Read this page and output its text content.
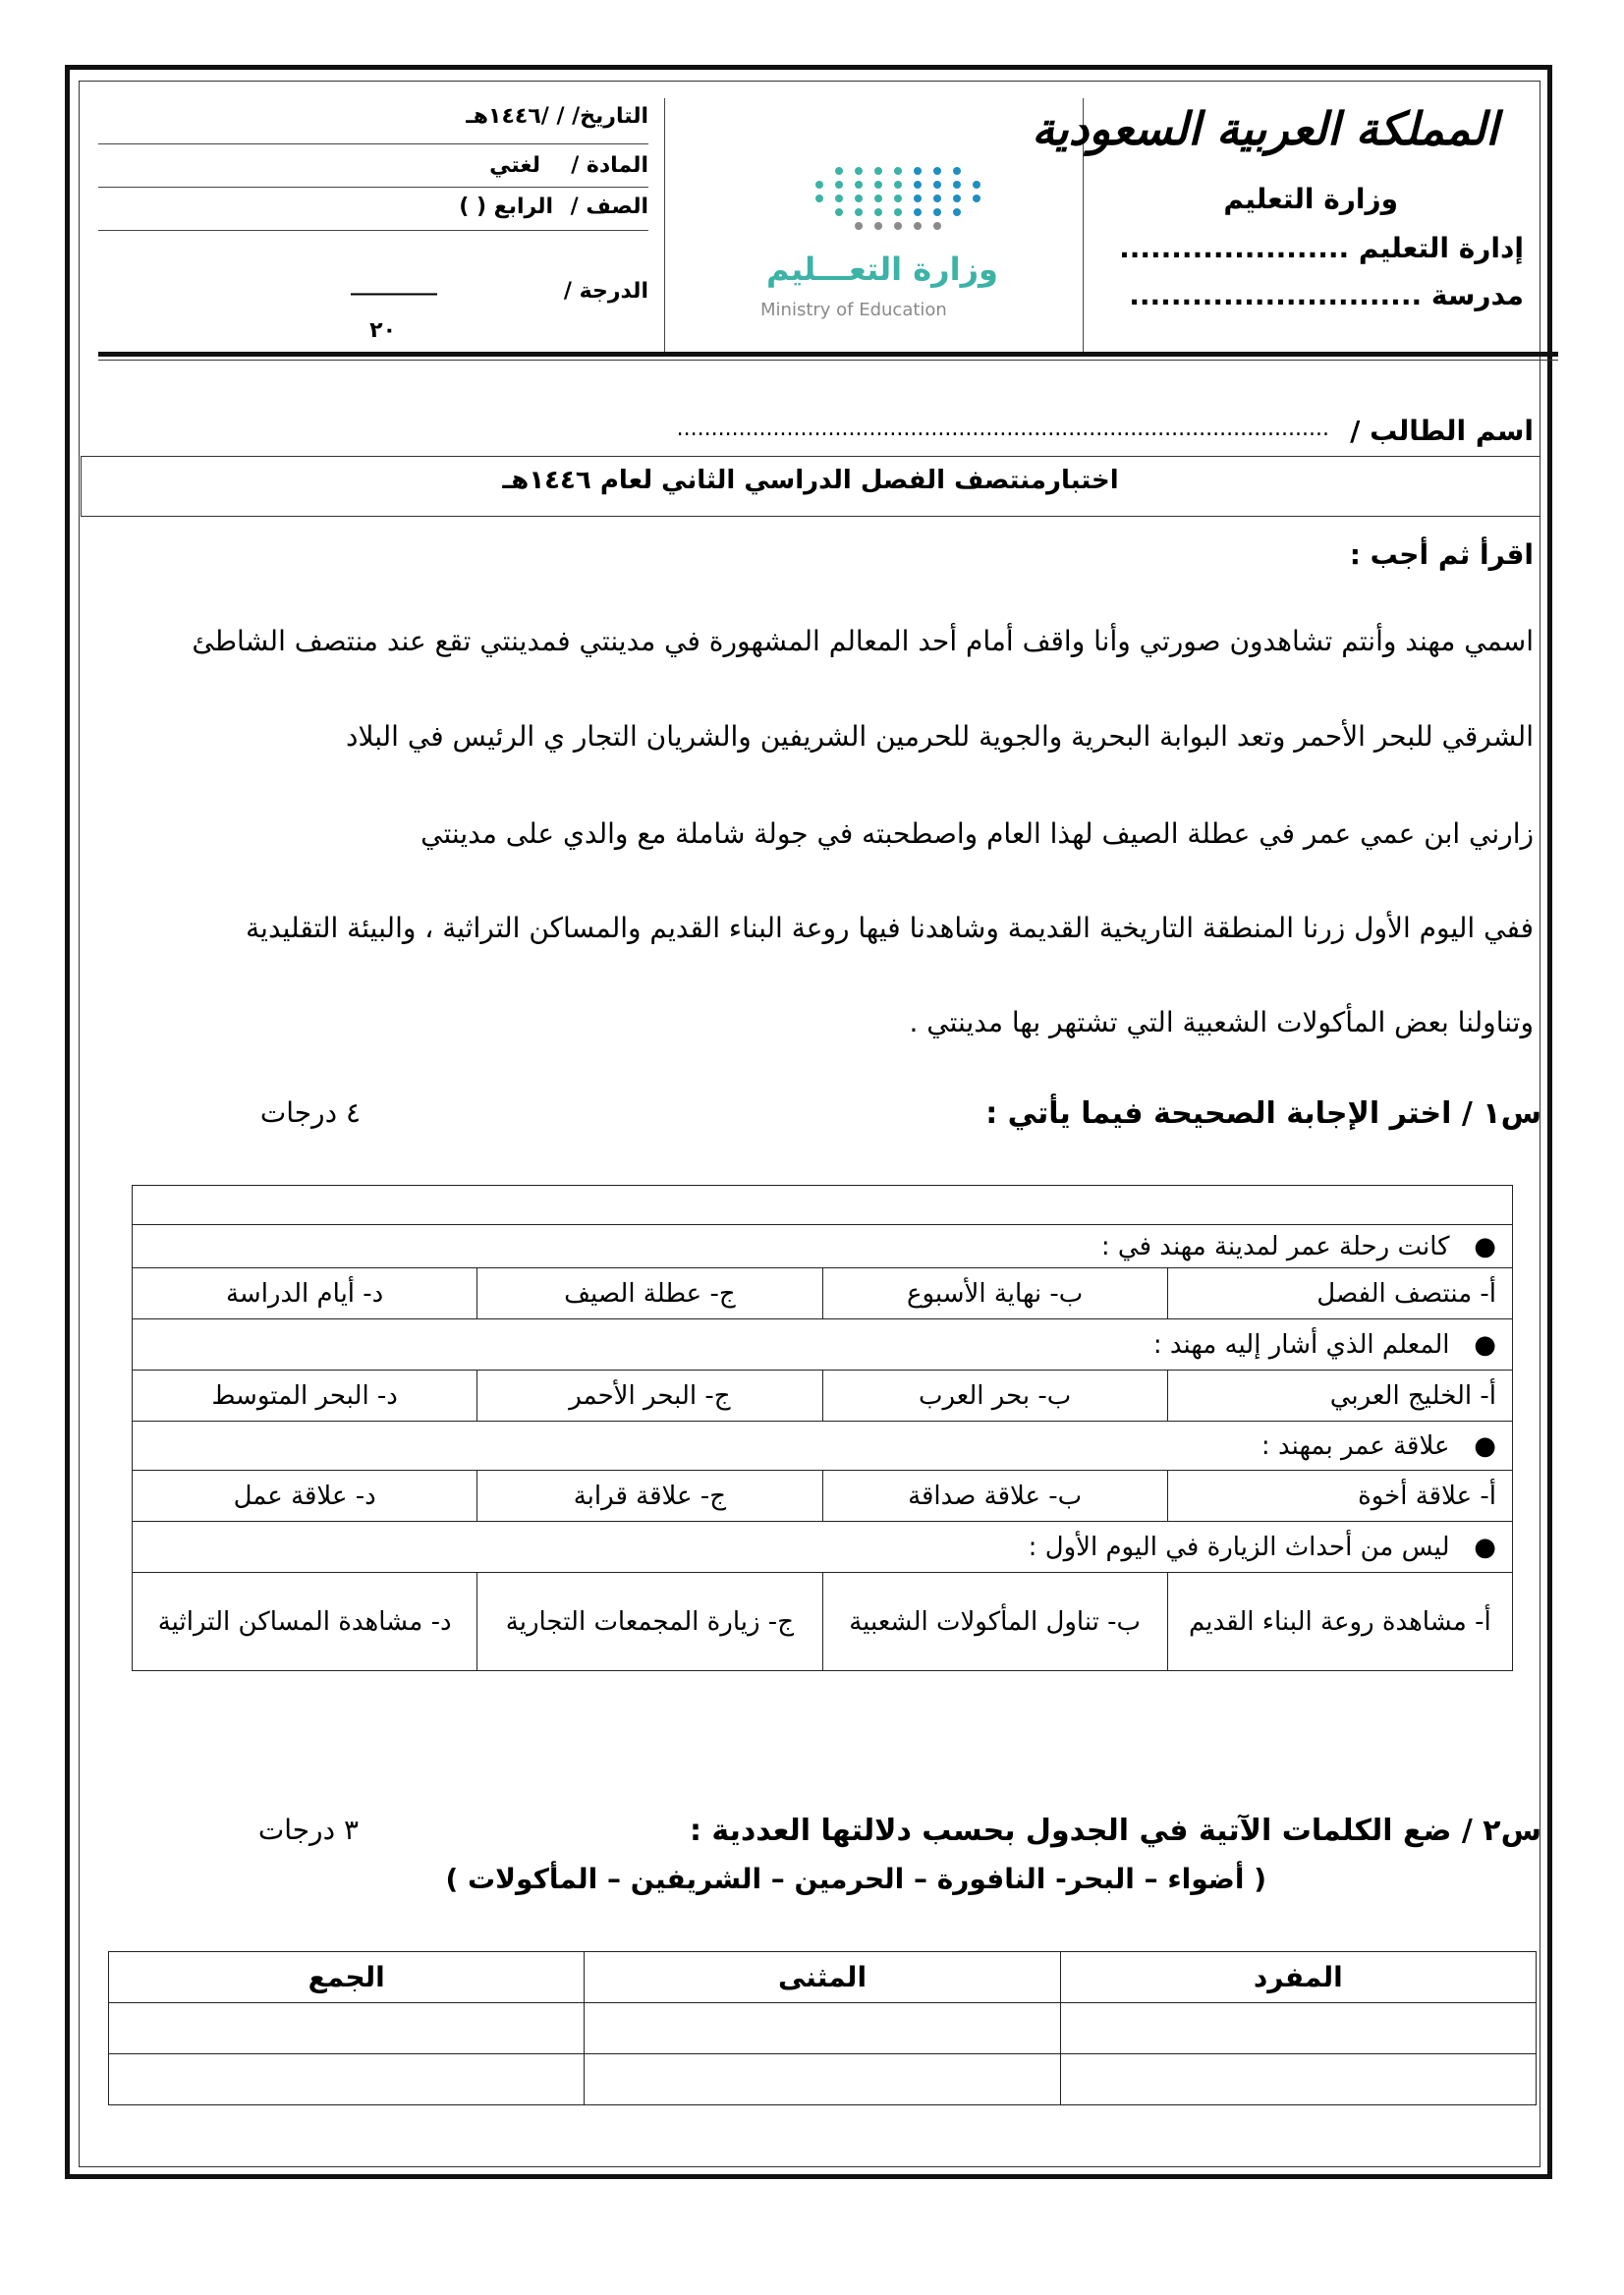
المملكة العربية السعودية
وزارة التعليم
إدارة التعليم ......................
مدرسة ............................
وزارة التعـــليم
Ministry of Education
التاريخ/ / /١٤٤٦هـ
المادة /
لغتي
الصف /
الرابع ( )
الدرجة /
________
٢٠
اسم الطالب /
...............................................................................................
اختبارمنتصف الفصل الدراسي الثاني لعام ١٤٤٦هـ
اقرأ ثم أجب :
اسمي مهند وأنتم تشاهدون صورتي وأنا واقف أمام أحد المعالم المشهورة في مدينتي فمدينتي تقع عند منتصف الشاطئ
الشرقي للبحر الأحمر وتعد البوابة البحرية والجوية للحرمين الشريفين والشريان التجار ي الرئيس في البلاد
زارني ابن عمي عمر في عطلة الصيف لهذا العام واصطحبته في جولة شاملة مع والدي على مدينتي
ففي اليوم الأول زرنا المنطقة التاريخية القديمة وشاهدنا فيها روعة البناء القديم والمساكن التراثية ، والبيئة التقليدية
وتناولنا بعض المأكولات الشعبية التي تشتهر بها مدينتي .
س١ / اختر الإجابة الصحيحة فيما يأتي :
٤ درجات

●   كانت رحلة عمر لمدينة مهند في :			
أ- منتصف الفصل	ب- نهاية الأسبوع	ج- عطلة الصيف	د- أيام الدراسة
●   المعلم الذي أشار إليه مهند :			
أ- الخليج العربي	ب- بحر العرب	ج- البحر الأحمر	د- البحر المتوسط
●   علاقة عمر بمهند :			
أ- علاقة أخوة	ب- علاقة صداقة	ج- علاقة قرابة	د- علاقة عمل
●   ليس من أحداث الزيارة في اليوم الأول :			
أ- مشاهدة روعة البناء القديم	ب- تناول المأكولات الشعبية	ج- زيارة المجمعات التجارية	د- مشاهدة المساكن التراثية
س٢ / ضع الكلمات الآتية في الجدول بحسب دلالتها العددية :
٣ درجات
( أضواء – البحر- النافورة – الحرمين – الشريفين – المأكولات )
المفرد	المثنى	الجمع
